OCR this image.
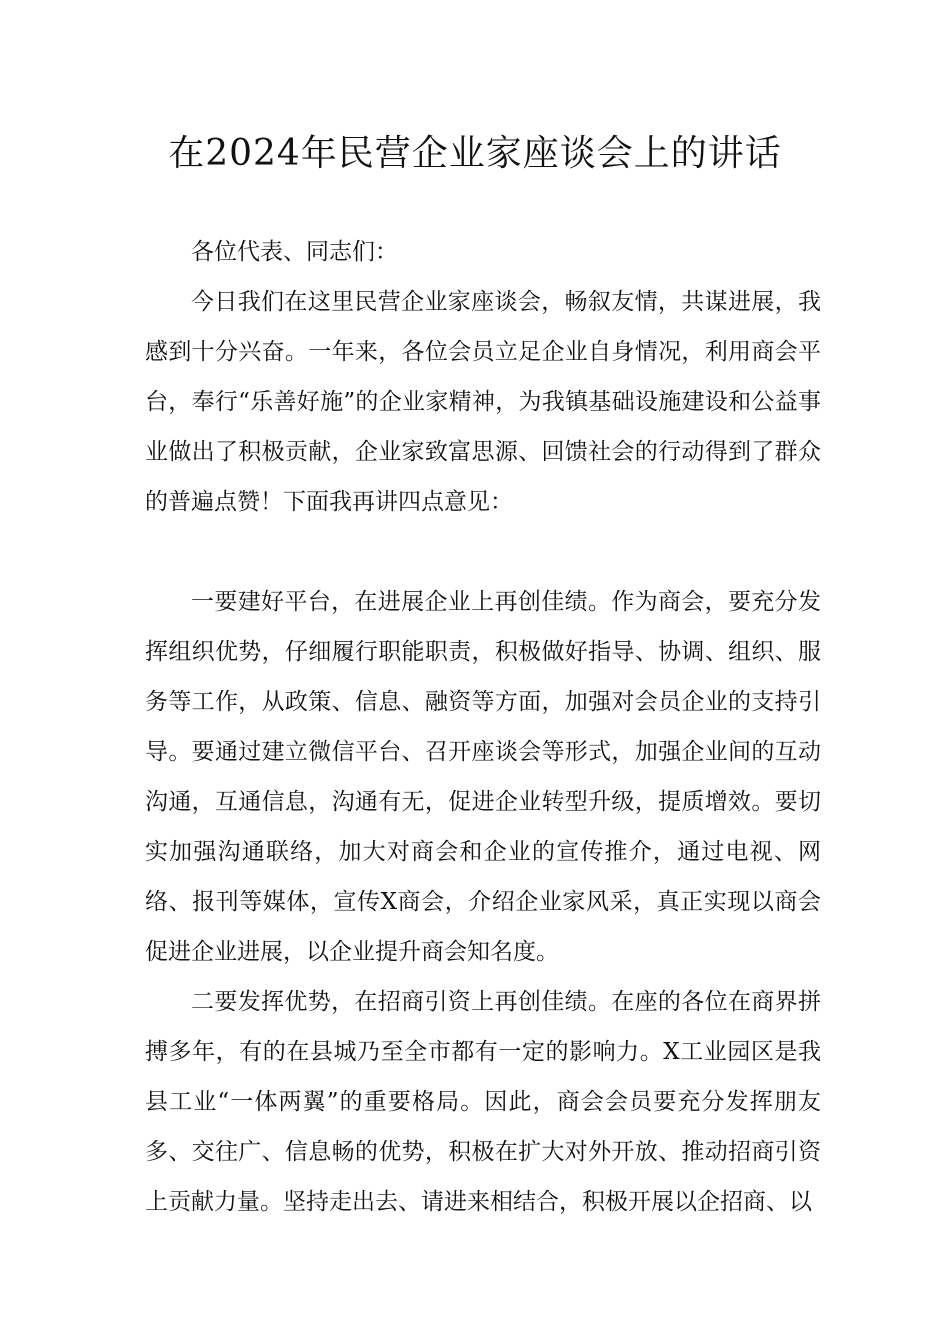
在2024年民营企业家座谈会上的讲话

各位代表、同志们：

今日我们在这里民营企业家座谈会，畅叙友情，共谋进展，我感到十分兴奋。一年来，各位会员立足企业自身情况，利用商会平台，奉行“乐善好施”的企业家精神，为我镇基础设施建设和公益事业做出了积极贡献，企业家致富思源、回馈社会的行动得到了群众的普遍点赞！下面我再讲四点意见：

一要建好平台，在进展企业上再创佳绩。作为商会，要充分发挥组织优势，仔细履行职能职责，积极做好指导、协调、组织、服务等工作，从政策、信息、融资等方面，加强对会员企业的支持引导。要通过建立微信平台、召开座谈会等形式，加强企业间的互动沟通，互通信息，沟通有无，促进企业转型升级，提质增效。要切实加强沟通联络，加大对商会和企业的宣传推介，通过电视、网络、报刊等媒体，宣传X商会，介绍企业家风采，真正实现以商会促进企业进展，以企业提升商会知名度。

二要发挥优势，在招商引资上再创佳绩。在座的各位在商界拼搏多年，有的在县城乃至全市都有一定的影响力。X工业园区是我县工业“一体两翼”的重要格局。因此，商会会员要充分发挥朋友多、交往广、信息畅的优势，积极在扩大对外开放、推动招商引资上贡献力量。坚持走出去、请进来相结合，积极开展以企招商、以
